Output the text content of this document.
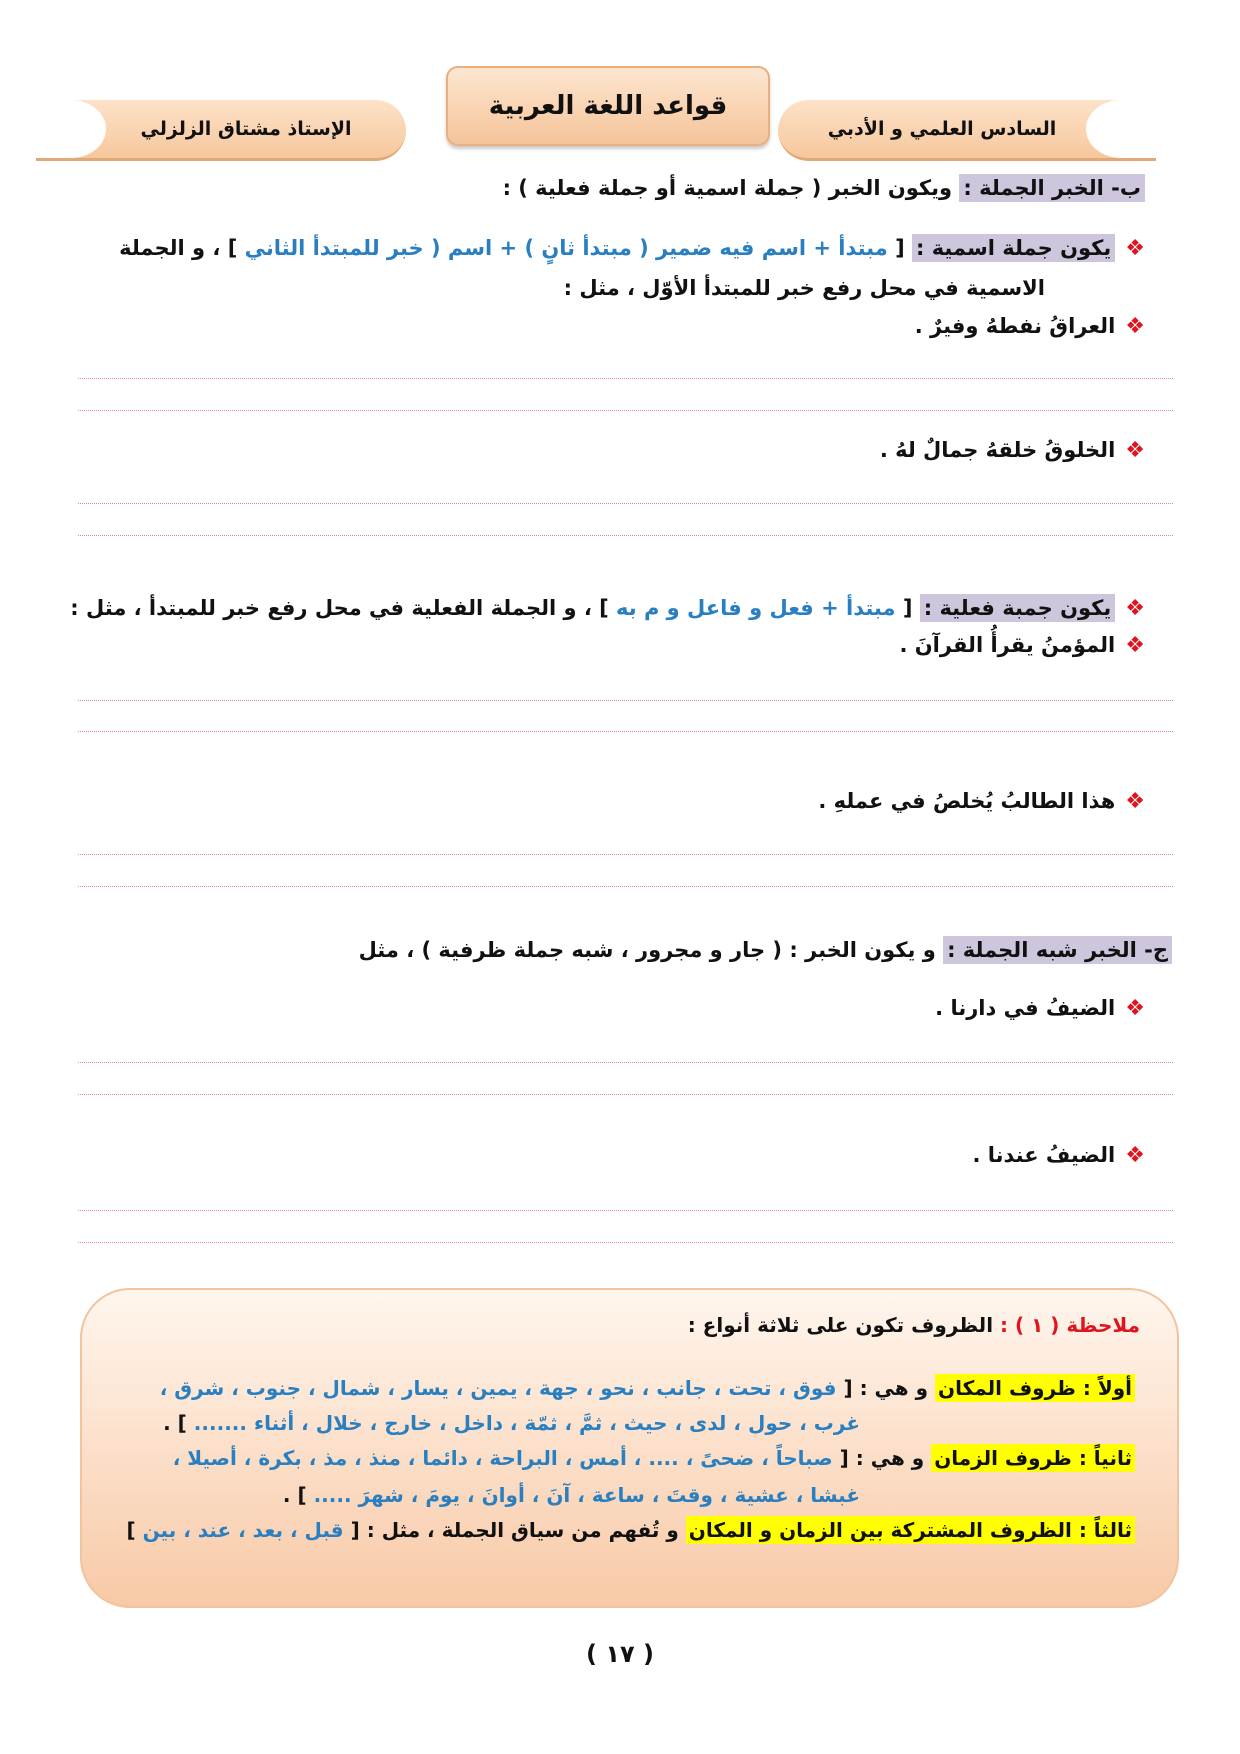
الإستاذ مشتاق الزلزلي
قواعد اللغة العربية
السادس العلمي و الأدبي
ب- الخبر الجملة : ويكون الخبر ( جملة اسمية أو جملة فعلية ) :
❖يكون جملة اسمية : [ مبتدأ + اسم فيه ضمير ( مبتدأ ثانٍ ) + اسم ( خبر للمبتدأ الثاني ] ، و الجملة
الاسمية في محل رفع خبر للمبتدأ الأوّل ، مثل :
❖العراقُ نفطهُ وفيرٌ .
❖الخلوقُ خلقهُ جمالٌ لهُ .
❖يكون جمبة فعلية : [ مبتدأ + فعل و فاعل و م به ] ، و الجملة الفعلية في محل رفع خبر للمبتدأ ، مثل :
❖المؤمنُ يقرأُ القرآنَ .
❖هذا الطالبُ يُخلصُ في عملهِ .
ج- الخبر شبه الجملة : و يكون الخبر : ( جار و مجرور ، شبه جملة ظرفية ) ، مثل
❖الضيفُ في دارنا .
❖الضيفُ عندنا .
ملاحظة ( ١ ) : الظروف تكون على ثلاثة أنواع :
أولاً : ظروف المكان و هي : [ فوق ، تحت ، جانب ، نحو ، جهة ، يمين ، يسار ، شمال ، جنوب ، شرق ،
غرب ، حول ، لدى ، حيث ، ثمَّ ، ثمّة ، داخل ، خارج ، خلال ، أثناء ....... ] .
ثانياً : ظروف الزمان و هي : [ صباحاً ، ضحىً ، .... ، أمس ، البراحة ، دائما ، منذ ، مذ ، بكرة ، أصيلا ،
غبشا ، عشية ، وقتَ ، ساعة ، آنَ ، أوانَ ، يومَ ، شهرَ ..... ] .
ثالثاً : الظروف المشتركة بين الزمان و المكان و تُفهم من سياق الجملة ، مثل : [ قبل ، بعد ، عند ، بين ]
( ١٧ )
